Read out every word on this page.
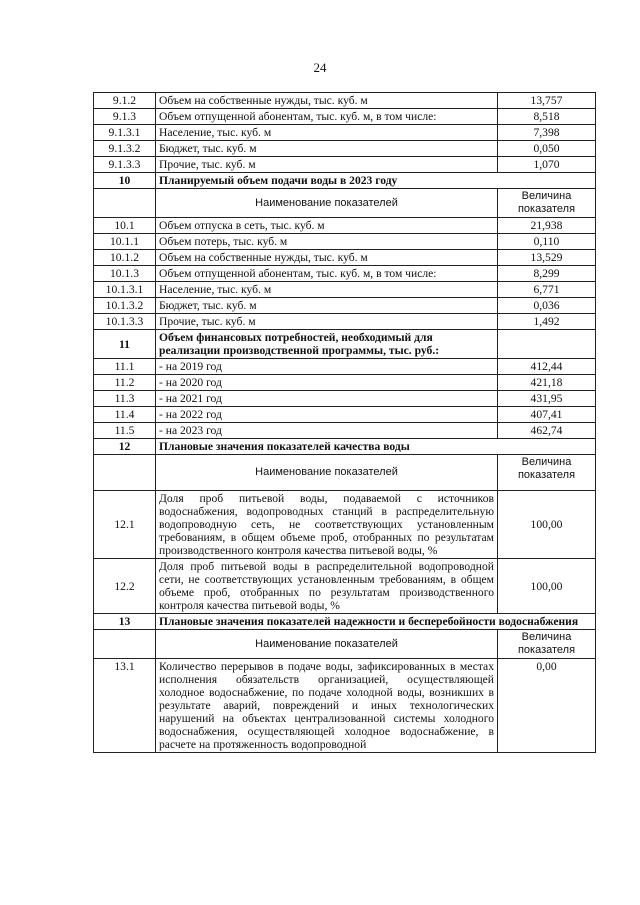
24
9.1.2	Объем на собственные нужды, тыс. куб. м	13,757
9.1.3	Объем отпущенной абонентам, тыс. куб. м, в том числе:	8,518
9.1.3.1	Население, тыс. куб. м	7,398
9.1.3.2	Бюджет, тыс. куб. м	0,050
9.1.3.3	Прочие, тыс. куб. м	1,070
10	Планируемый объем подачи воды в 2023 году	
	Наименование показателей	Величина показателя
10.1	Объем отпуска в сеть, тыс. куб. м	21,938
10.1.1	Объем потерь, тыс. куб. м	0,110
10.1.2	Объем на собственные нужды, тыс. куб. м	13,529
10.1.3	Объем отпущенной абонентам, тыс. куб. м, в том числе:	8,299
10.1.3.1	Население, тыс. куб. м	6,771
10.1.3.2	Бюджет, тыс. куб. м	0,036
10.1.3.3	Прочие, тыс. куб. м	1,492
11	Объем финансовых потребностей, необходимый для реализации производственной программы, тыс. руб.:	
11.1	- на 2019 год	412,44
11.2	- на 2020 год	421,18
11.3	- на 2021 год	431,95
11.4	- на 2022 год	407,41
11.5	- на 2023 год	462,74
12	Плановые значения показателей качества воды	
	Наименование показателей	Величина показателя
12.1	Доля проб питьевой воды, подаваемой с источников водоснабжения, водопроводных станций в распределительную водопроводную сеть, не соответствующих установленным требованиям, в общем объеме проб, отобранных по результатам производственного контроля качества питьевой воды, %	100,00
12.2	Доля проб питьевой воды в распределительной водопроводной сети, не соответствующих установленным требованиям, в общем объеме проб, отобранных по результатам производственного контроля качества питьевой воды, %	100,00
13	Плановые значения показателей надежности и бесперебойности водоснабжения	
	Наименование показателей	Величина показателя
13.1	Количество перерывов в подаче воды, зафиксированных в местах исполнения обязательств организацией, осуществляющей холодное водоснабжение, по подаче холодной воды, возникших в результате аварий, повреждений и иных технологических нарушений на объектах централизованной системы холодного водоснабжения, осуществляющей холодное водоснабжение, в расчете на протяженность водопроводной	0,00
